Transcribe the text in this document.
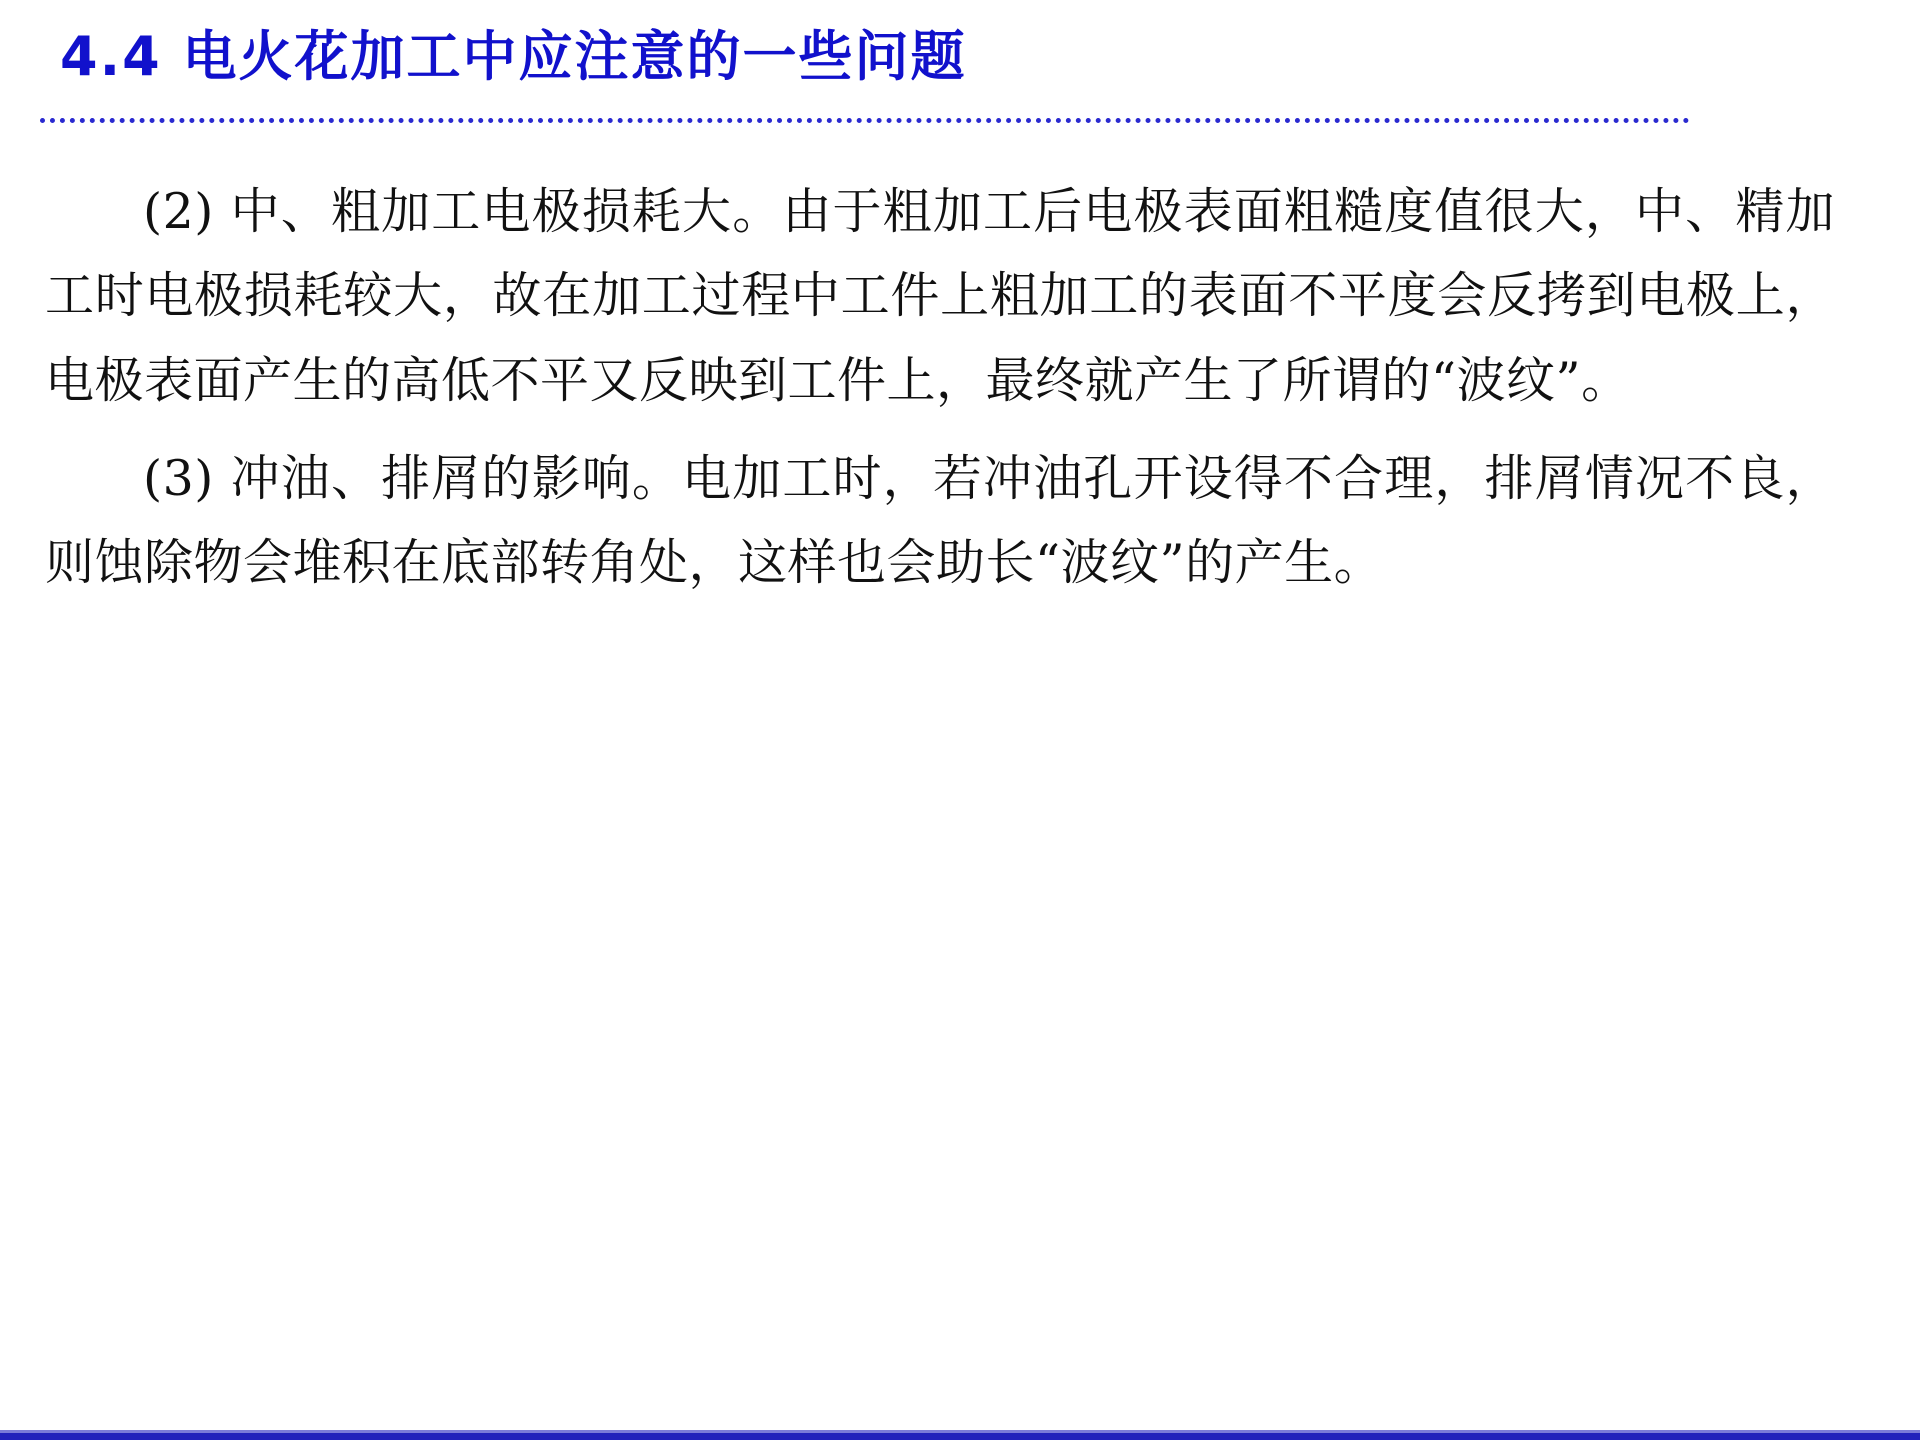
4.4 电火花加工中应注意的一些问题

(2) 中、粗加工电极损耗大。由于粗加工后电极表面粗糙度值很大，中、精加工时电极损耗较大，故在加工过程中工件上粗加工的表面不平度会反拷到电极上，电极表面产生的高低不平又反映到工件上，最终就产生了所谓的“波纹”。

(3) 冲油、排屑的影响。电加工时，若冲油孔开设得不合理，排屑情况不良，则蚀除物会堆积在底部转角处，这样也会助长“波纹”的产生。
